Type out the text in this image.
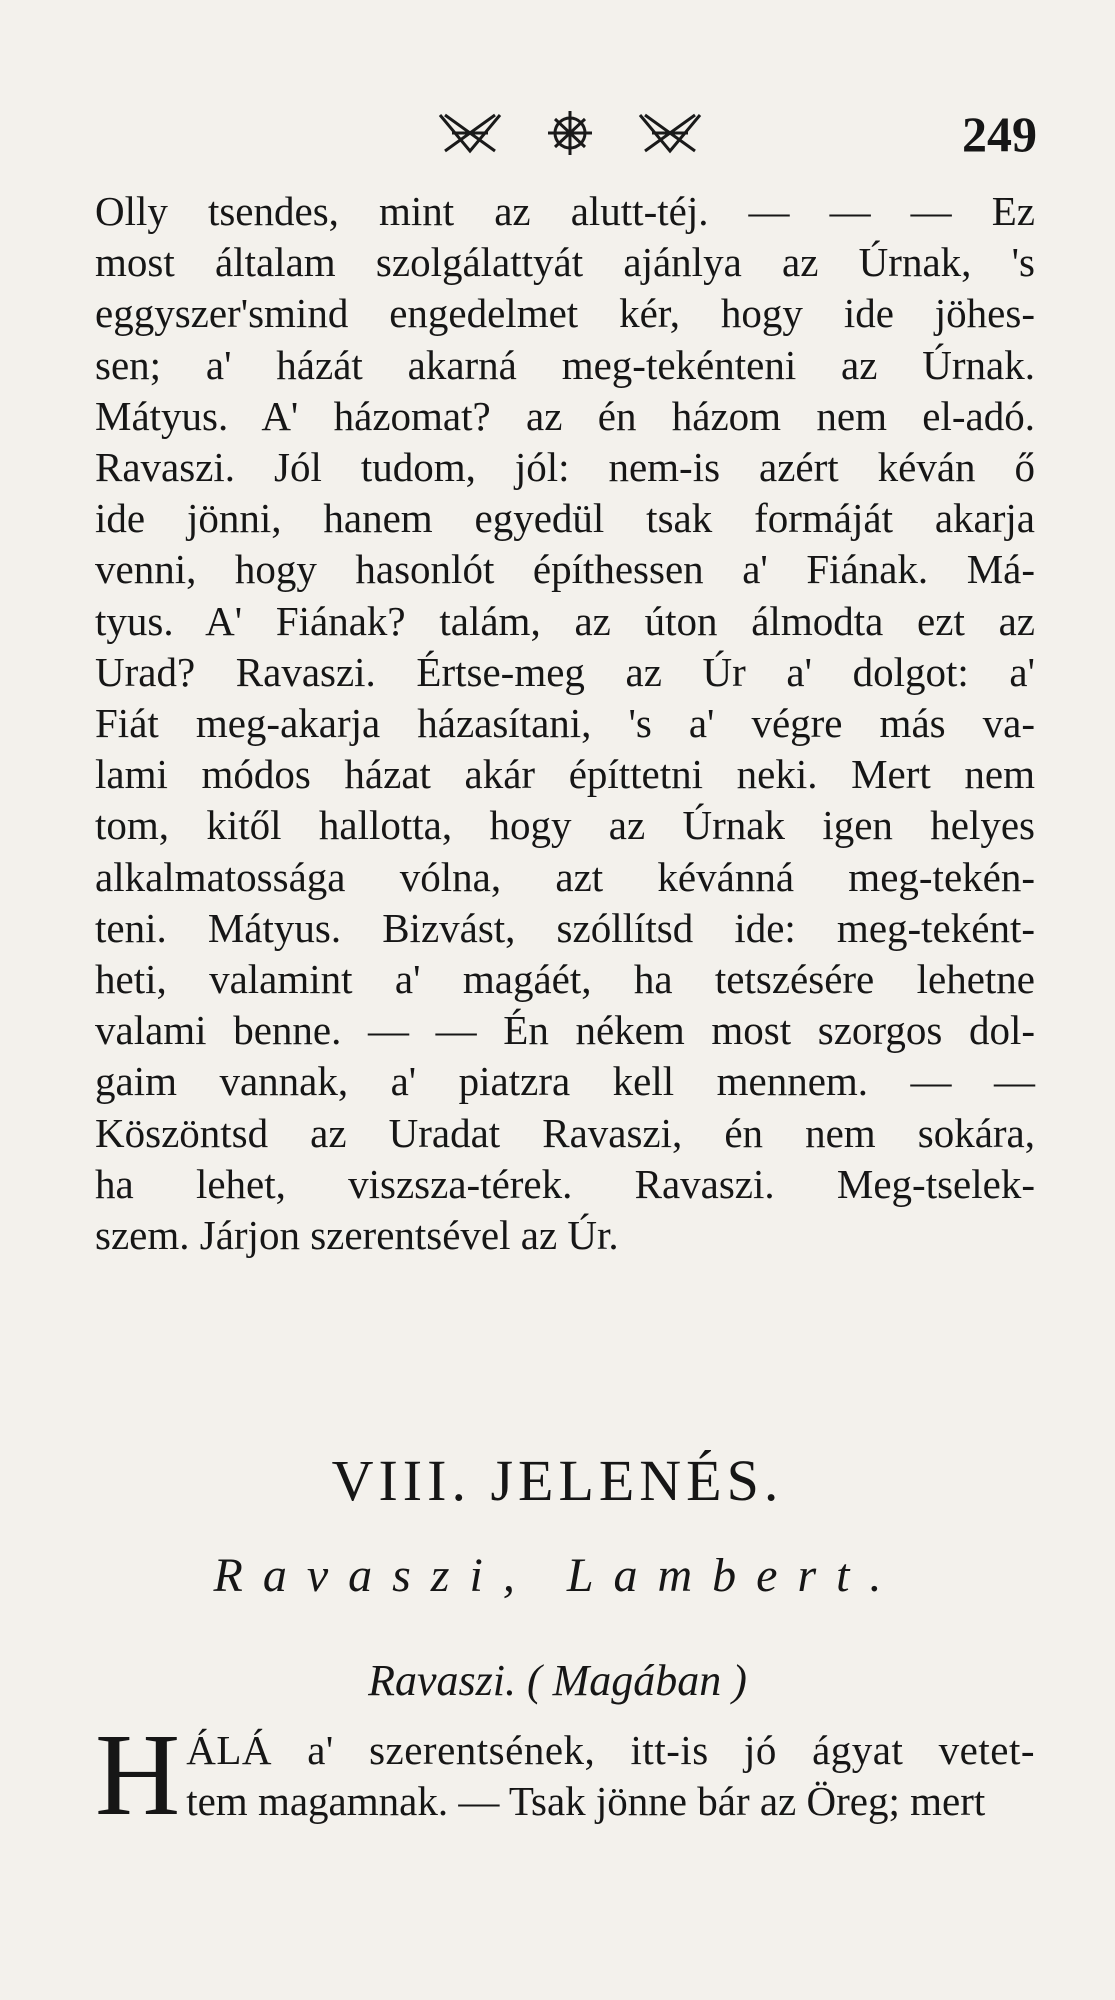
249
Olly tsendes, mint az alutt-téj. — — — Ez
most általam szolgálattyát ajánlya az Úrnak, 's
eggyszer'smind engedelmet kér, hogy ide jöhes-
sen; a' házát akarná meg-tekénteni az Úrnak.
Mátyus. A' házomat? az én házom nem el-adó.
Ravaszi. Jól tudom, jól: nem-is azért kéván ő
ide jönni, hanem egyedül tsak formáját akarja
venni, hogy hasonlót építhessen a' Fiának. Má-
tyus. A' Fiának? talám, az úton álmodta ezt az
Urad? Ravaszi. Értse-meg az Úr a' dolgot: a'
Fiát meg-akarja házasítani, 's a' végre más va-
lami módos házat akár építtetni neki. Mert nem
tom, kitől hallotta, hogy az Úrnak igen helyes
alkalmatossága vólna, azt kévánná meg-tekén-
teni. Mátyus. Bizvást, szóllítsd ide: meg-teként-
heti, valamint a' magáét, ha tetszésére lehetne
valami benne. — — Én nékem most szorgos dol-
gaim vannak, a' piatzra kell mennem. — —
Köszöntsd az Uradat Ravaszi, én nem sokára,
ha lehet, viszsza-térek. Ravaszi. Meg-tselek-
szem. Járjon szerentsével az Úr.
VIII. JELENÉS.
Ravaszi, Lambert.
Ravaszi. ( Magában )
H ÁLÁ a' szerentsének, itt-is jó ágyat vetet-
tem magamnak. — Tsak jönne bár az Öreg; mert
